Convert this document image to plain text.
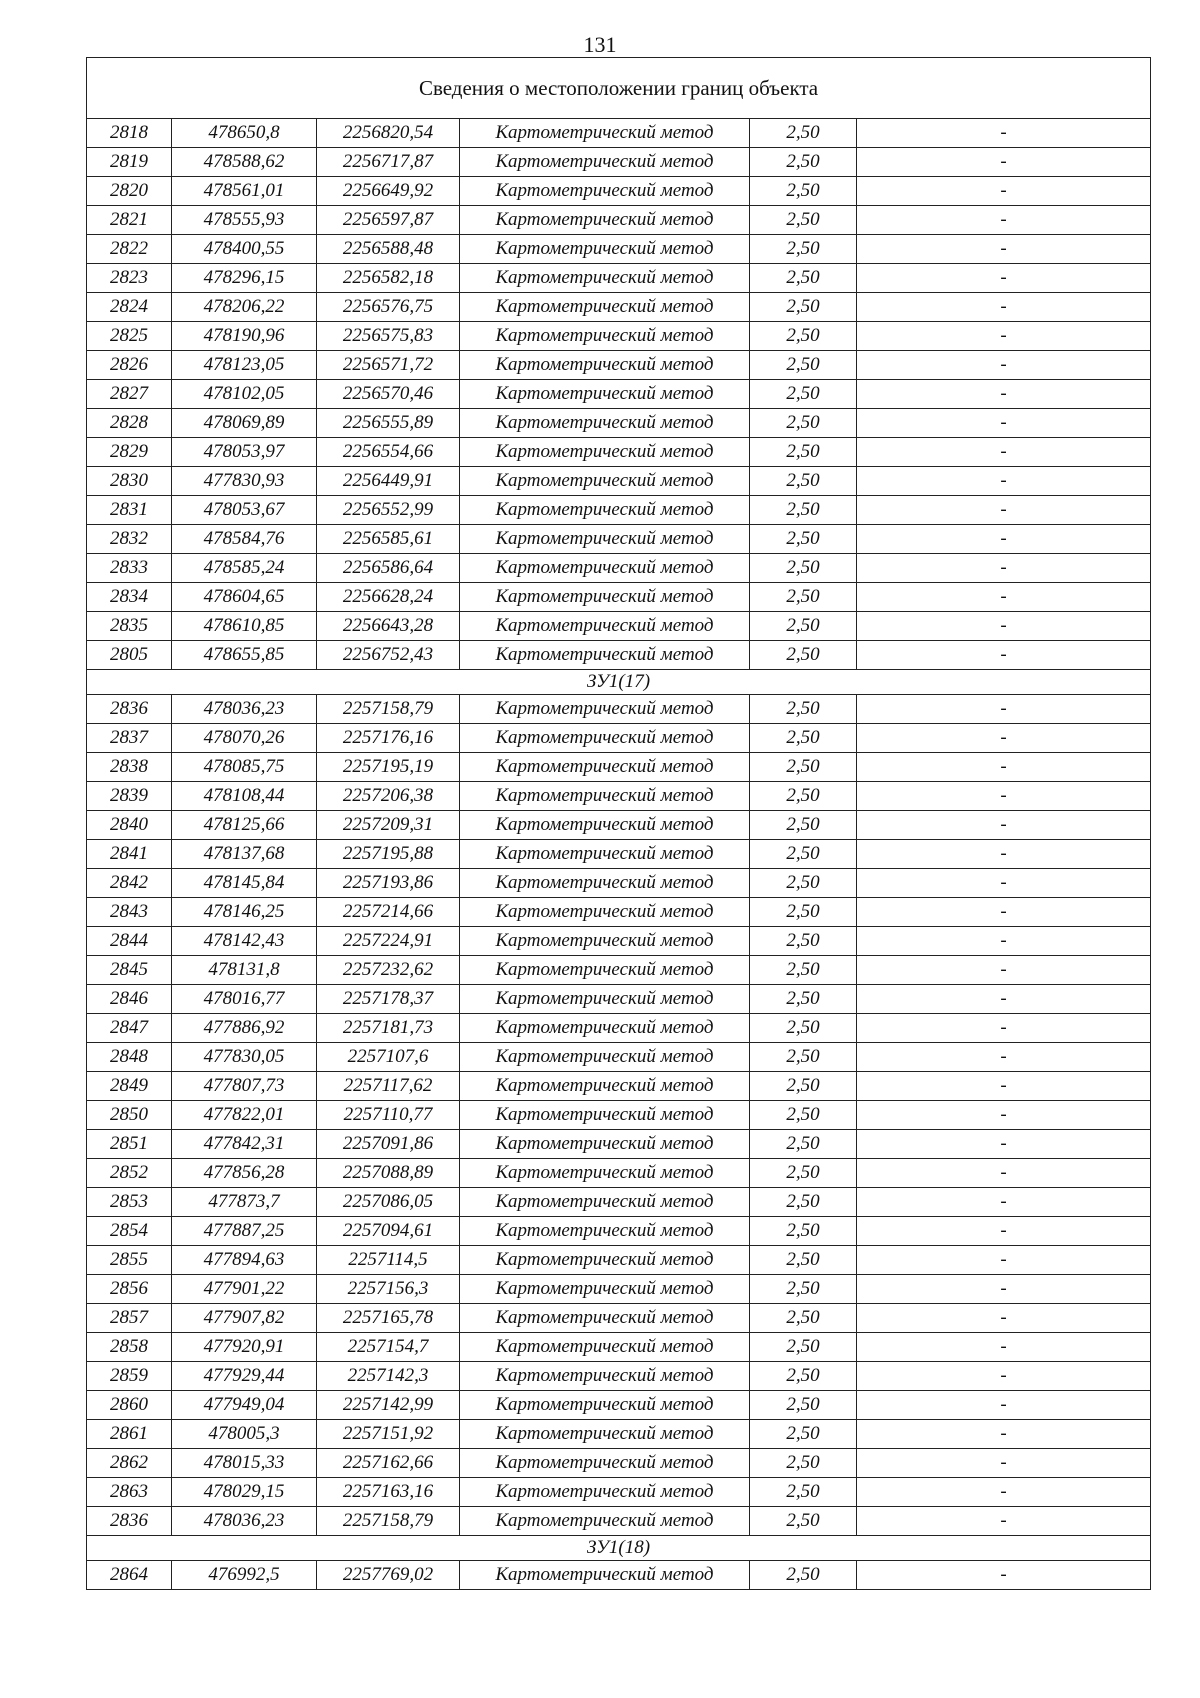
131
Сведения о местоположении границ объекта					
2818	478650,8	2256820,54	Картометрический метод	2,50	-
2819	478588,62	2256717,87	Картометрический метод	2,50	-
2820	478561,01	2256649,92	Картометрический метод	2,50	-
2821	478555,93	2256597,87	Картометрический метод	2,50	-
2822	478400,55	2256588,48	Картометрический метод	2,50	-
2823	478296,15	2256582,18	Картометрический метод	2,50	-
2824	478206,22	2256576,75	Картометрический метод	2,50	-
2825	478190,96	2256575,83	Картометрический метод	2,50	-
2826	478123,05	2256571,72	Картометрический метод	2,50	-
2827	478102,05	2256570,46	Картометрический метод	2,50	-
2828	478069,89	2256555,89	Картометрический метод	2,50	-
2829	478053,97	2256554,66	Картометрический метод	2,50	-
2830	477830,93	2256449,91	Картометрический метод	2,50	-
2831	478053,67	2256552,99	Картометрический метод	2,50	-
2832	478584,76	2256585,61	Картометрический метод	2,50	-
2833	478585,24	2256586,64	Картометрический метод	2,50	-
2834	478604,65	2256628,24	Картометрический метод	2,50	-
2835	478610,85	2256643,28	Картометрический метод	2,50	-
2805	478655,85	2256752,43	Картометрический метод	2,50	-
ЗУ1(17)					
2836	478036,23	2257158,79	Картометрический метод	2,50	-
2837	478070,26	2257176,16	Картометрический метод	2,50	-
2838	478085,75	2257195,19	Картометрический метод	2,50	-
2839	478108,44	2257206,38	Картометрический метод	2,50	-
2840	478125,66	2257209,31	Картометрический метод	2,50	-
2841	478137,68	2257195,88	Картометрический метод	2,50	-
2842	478145,84	2257193,86	Картометрический метод	2,50	-
2843	478146,25	2257214,66	Картометрический метод	2,50	-
2844	478142,43	2257224,91	Картометрический метод	2,50	-
2845	478131,8	2257232,62	Картометрический метод	2,50	-
2846	478016,77	2257178,37	Картометрический метод	2,50	-
2847	477886,92	2257181,73	Картометрический метод	2,50	-
2848	477830,05	2257107,6	Картометрический метод	2,50	-
2849	477807,73	2257117,62	Картометрический метод	2,50	-
2850	477822,01	2257110,77	Картометрический метод	2,50	-
2851	477842,31	2257091,86	Картометрический метод	2,50	-
2852	477856,28	2257088,89	Картометрический метод	2,50	-
2853	477873,7	2257086,05	Картометрический метод	2,50	-
2854	477887,25	2257094,61	Картометрический метод	2,50	-
2855	477894,63	2257114,5	Картометрический метод	2,50	-
2856	477901,22	2257156,3	Картометрический метод	2,50	-
2857	477907,82	2257165,78	Картометрический метод	2,50	-
2858	477920,91	2257154,7	Картометрический метод	2,50	-
2859	477929,44	2257142,3	Картометрический метод	2,50	-
2860	477949,04	2257142,99	Картометрический метод	2,50	-
2861	478005,3	2257151,92	Картометрический метод	2,50	-
2862	478015,33	2257162,66	Картометрический метод	2,50	-
2863	478029,15	2257163,16	Картометрический метод	2,50	-
2836	478036,23	2257158,79	Картометрический метод	2,50	-
ЗУ1(18)					
2864	476992,5	2257769,02	Картометрический метод	2,50	-
